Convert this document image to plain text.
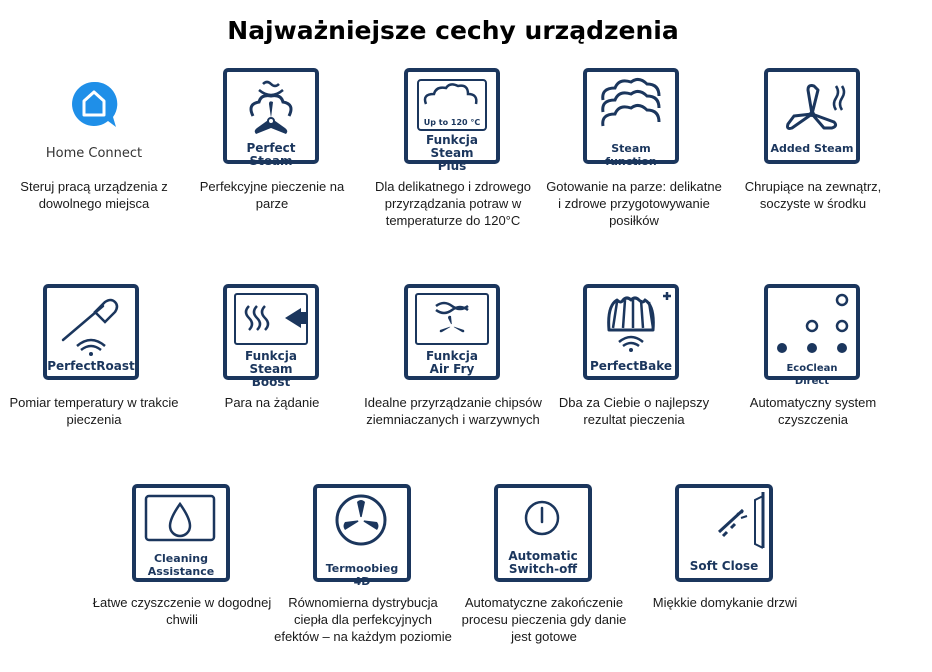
Najważniejsze cechy urządzenia
Home Connect
Steruj pracą urządzenia z dowolnego miejsca
Perfect Steam
Perfekcyjne pieczenie na parze
Up to 120 °C
Funkcja Steam Plus
Dla delikatnego i zdrowego przyrządzania potraw w temperaturze do 120°C
Steam function
Gotowanie na parze: delikatne i zdrowe przygotowywanie posiłków
Added Steam
Chrupiące na zewnątrz, soczyste w środku
PerfectRoast
Pomiar temperatury w trakcie pieczenia
Funkcja Steam Boost
Para na żądanie
Funkcja Air Fry
Idealne przyrządzanie chipsów ziemniaczanych i warzywnych
PerfectBake
Dba za Ciebie o najlepszy rezultat pieczenia
EcoClean Direct
Automatyczny system czyszczenia
Cleaning Assistance
Łatwe czyszczenie w dogodnej chwili
Termoobieg 4D
Równomierna dystrybucja ciepła dla perfekcyjnych efektów – na każdym poziomie
Automatic Switch-off
Automatyczne zakończenie procesu pieczenia gdy danie jest gotowe
Soft Close
Miękkie domykanie drzwi
